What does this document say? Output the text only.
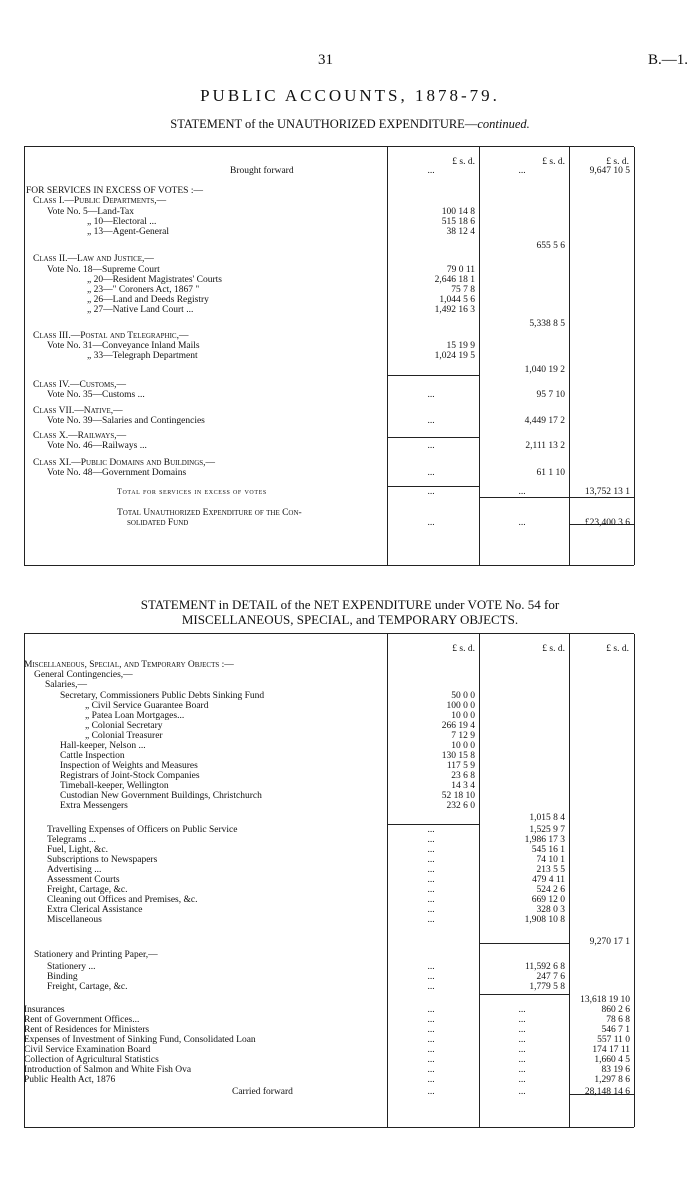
31	B.—1.
PUBLIC ACCOUNTS, 1878-79.
STATEMENT of the UNAUTHORIZED EXPENDITURE—continued.
£ s. d.	£ s. d.	£ s. d.
Brought forward	...	...	9,647 10 5
FOR SERVICES IN EXCESS OF VOTES :—
Class I.—Public Departments,—
Vote No. 5—Land-Tax	100 14 8
„ 10—Electoral ...	515 18 6
„ 13—Agent-General	38 12 4
655 5 6
Class II.—Law and Justice,—
Vote No. 18—Supreme Court	79 0 11
„ 20—Resident Magistrates' Courts	2,646 18 1
„ 23—" Coroners Act, 1867 "	75 7 8
„ 26—Land and Deeds Registry	1,044 5 6
„ 27—Native Land Court ...	1,492 16 3
5,338 8 5
Class III.—Postal and Telegraphic,—
Vote No. 31—Conveyance Inland Mails	15 19 9
„ 33—Telegraph Department	1,024 19 5
1,040 19 2
Class IV.—Customs,—
Vote No. 35—Customs ...	...	95 7 10
Class VII.—Native,—
Vote No. 39—Salaries and Contingencies	...	4,449 17 2
Class X.—Railways,—
Vote No. 46—Railways ...	...	2,111 13 2
Class XI.—Public Domains and Buildings,—
Vote No. 48—Government Domains	...	61 1 10
Total for services in excess of votes	...	...	13,752 13 1
Total Unauthorized Expenditure of the Con-
solidated Fund	...	...	£23,400 3 6
STATEMENT in DETAIL of the NET EXPENDITURE under VOTE No. 54 for
MISCELLANEOUS, SPECIAL, and TEMPORARY OBJECTS.
£ s. d.	£ s. d.	£ s. d.
Miscellaneous, Special, and Temporary Objects :—
General Contingencies,—
Salaries,—
Secretary, Commissioners Public Debts Sinking Fund	50 0 0
„ Civil Service Guarantee Board	100 0 0
„ Patea Loan Mortgages...	10 0 0
„ Colonial Secretary	266 19 4
„ Colonial Treasurer	7 12 9
Hall-keeper, Nelson ...	10 0 0
Cattle Inspection	130 15 8
Inspection of Weights and Measures	117 5 9
Registrars of Joint-Stock Companies	23 6 8
Timeball-keeper, Wellington	14 3 4
Custodian New Government Buildings, Christchurch	52 18 10
Extra Messengers	232 6 0
1,015 8 4
Travelling Expenses of Officers on Public Service	...	1,525 9 7
Telegrams ...	...	1,986 17 3
Fuel, Light, &c.	...	545 16 1
Subscriptions to Newspapers	...	74 10 1
Advertising ...	...	213 5 5
Assessment Courts	...	479 4 11
Freight, Cartage, &c.	...	524 2 6
Cleaning out Offices and Premises, &c.	...	669 12 0
Extra Clerical Assistance	...	328 0 3
Miscellaneous	...	1,908 10 8
9,270 17 1
Stationery and Printing Paper,—
Stationery ...	...	11,592 6 8
Binding	...	247 7 6
Freight, Cartage, &c.	...	1,779 5 8
13,618 19 10
Insurances	...	...	860 2 6
Rent of Government Offices...	...	...	78 6 8
Rent of Residences for Ministers	...	...	546 7 1
Expenses of Investment of Sinking Fund, Consolidated Loan	...	...	557 11 0
Civil Service Examination Board	...	...	174 17 11
Collection of Agricultural Statistics	...	...	1,660 4 5
Introduction of Salmon and White Fish Ova	...	...	83 19 6
Public Health Act, 1876	...	...	1,297 8 6
Carried forward	...	...	28,148 14 6
